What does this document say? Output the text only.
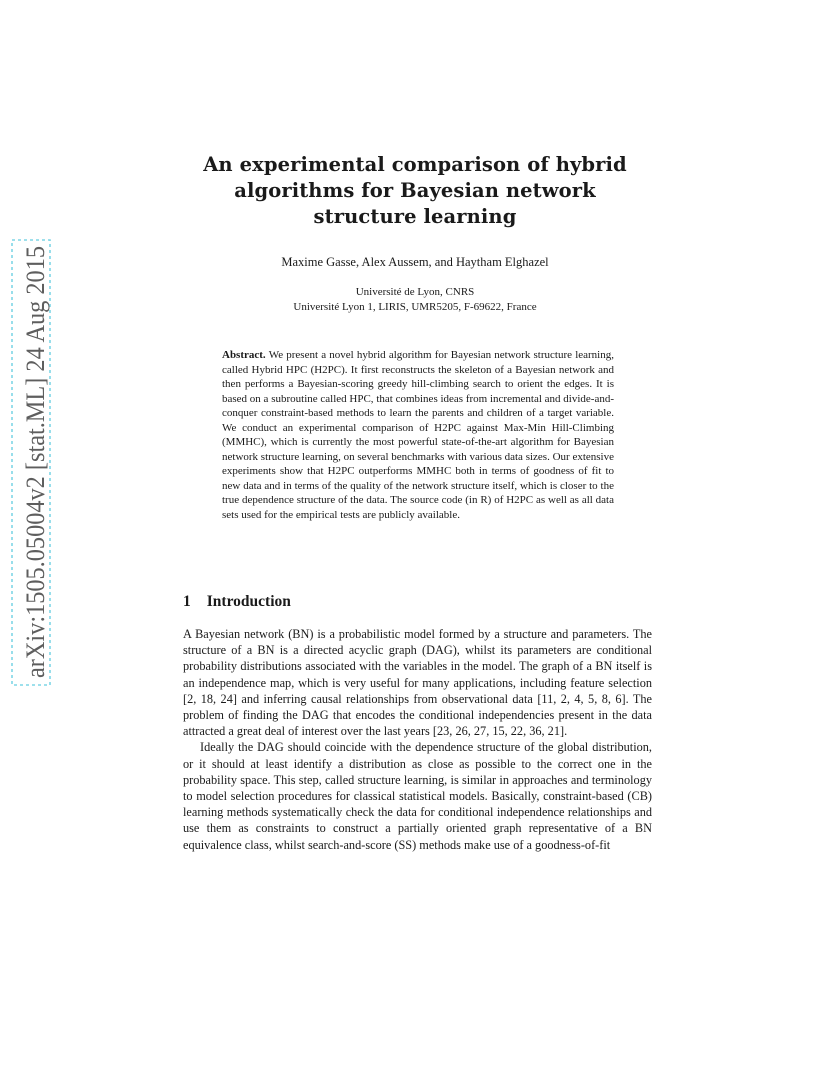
arXiv:1505.05004v2 [stat.ML] 24 Aug 2015
An experimental comparison of hybrid
algorithms for Bayesian network
structure learning
Maxime Gasse, Alex Aussem, and Haytham Elghazel
Université de Lyon, CNRS
Université Lyon 1, LIRIS, UMR5205, F-69622, France
Abstract. We present a novel hybrid algorithm for Bayesian network structure learning, called Hybrid HPC (H2PC). It first reconstructs the skeleton of a Bayesian network and then performs a Bayesian-scoring greedy hill-climbing search to orient the edges. It is based on a subroutine called HPC, that combines ideas from incremental and divide-and-conquer constraint-based methods to learn the parents and children of a target variable. We conduct an experimental comparison of H2PC against Max-Min Hill-Climbing (MMHC), which is currently the most powerful state-of-the-art algorithm for Bayesian network structure learning, on several benchmarks with various data sizes. Our extensive experiments show that H2PC outperforms MMHC both in terms of goodness of fit to new data and in terms of the quality of the network structure itself, which is closer to the true dependence structure of the data. The source code (in R) of H2PC as well as all data sets used for the empirical tests are publicly available.
1 Introduction

A Bayesian network (BN) is a probabilistic model formed by a structure and parameters. The structure of a BN is a directed acyclic graph (DAG), whilst its parameters are conditional probability distributions associated with the variables in the model. The graph of a BN itself is an independence map, which is very useful for many applications, including feature selection [2, 18, 24] and inferring causal relationships from observational data [11, 2, 4, 5, 8, 6]. The problem of finding the DAG that encodes the conditional independencies present in the data attracted a great deal of interest over the last years [23, 26, 27, 15, 22, 36, 21].

Ideally the DAG should coincide with the dependence structure of the global distribution, or it should at least identify a distribution as close as possible to the correct one in the probability space. This step, called structure learning, is similar in approaches and terminology to model selection procedures for classical statistical models. Basically, constraint-based (CB) learning methods systematically check the data for conditional independence relationships and use them as constraints to construct a partially oriented graph representative of a BN equivalence class, whilst search-and-score (SS) methods make use of a goodness-of-fit
